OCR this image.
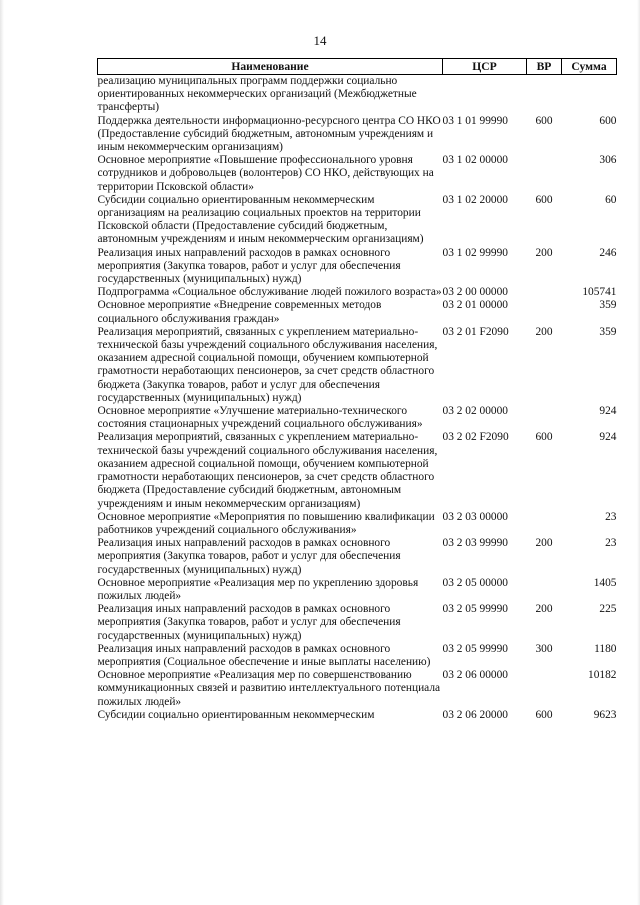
14
Наименование	ЦСР	ВР	Сумма
реализацию муниципальных программ поддержки социально ориентированных некоммерческих организаций (Межбюджетные трансферты)			
Поддержка деятельности информационно-ресурсного центра СО НКО (Предоставление субсидий бюджетным, автономным учреждениям и иным некоммерческим организациям)	03 1 01 99990	600	600
Основное мероприятие «Повышение профессионального уровня сотрудников и добровольцев (волонтеров) СО НКО, действующих на территории Псковской области»	03 1 02 00000		306
Субсидии социально ориентированным некоммерческим организациям на реализацию социальных проектов на территории Псковской области (Предоставление субсидий бюджетным, автономным учреждениям и иным некоммерческим организациям)	03 1 02 20000	600	60
Реализация иных направлений расходов в рамках основного мероприятия (Закупка товаров, работ и услуг для обеспечения государственных (муниципальных) нужд)	03 1 02 99990	200	246
Подпрограмма «Социальное обслуживание людей пожилого возраста»	03 2 00 00000		105741
Основное мероприятие «Внедрение современных методов социального обслуживания граждан»	03 2 01 00000		359
Реализация мероприятий, связанных с укреплением материально-технической базы учреждений социального обслуживания населения, оказанием адресной социальной помощи, обучением компьютерной грамотности неработающих пенсионеров, за счет средств областного бюджета (Закупка товаров, работ и услуг для обеспечения государственных (муниципальных) нужд)	03 2 01 F2090	200	359
Основное мероприятие «Улучшение материально-технического состояния стационарных учреждений социального обслуживания»	03 2 02 00000		924
Реализация мероприятий, связанных с укреплением материально-технической базы учреждений социального обслуживания населения, оказанием адресной социальной помощи, обучением компьютерной грамотности неработающих пенсионеров, за счет средств областного бюджета (Предоставление субсидий бюджетным, автономным учреждениям и иным некоммерческим организациям)	03 2 02 F2090	600	924
Основное мероприятие «Мероприятия по повышению квалификации работников учреждений социального обслуживания»	03 2 03 00000		23
Реализация иных направлений расходов в рамках основного мероприятия (Закупка товаров, работ и услуг для обеспечения государственных (муниципальных) нужд)	03 2 03 99990	200	23
Основное мероприятие «Реализация мер по укреплению здоровья пожилых людей»	03 2 05 00000		1405
Реализация иных направлений расходов в рамках основного мероприятия (Закупка товаров, работ и услуг для обеспечения государственных (муниципальных) нужд)	03 2 05 99990	200	225
Реализация иных направлений расходов в рамках основного мероприятия (Социальное обеспечение и иные выплаты населению)	03 2 05 99990	300	1180
Основное мероприятие «Реализация мер по совершенствованию коммуникационных связей и развитию интеллектуального потенциала пожилых людей»	03 2 06 00000		10182
Субсидии социально ориентированным некоммерческим	03 2 06 20000	600	9623
